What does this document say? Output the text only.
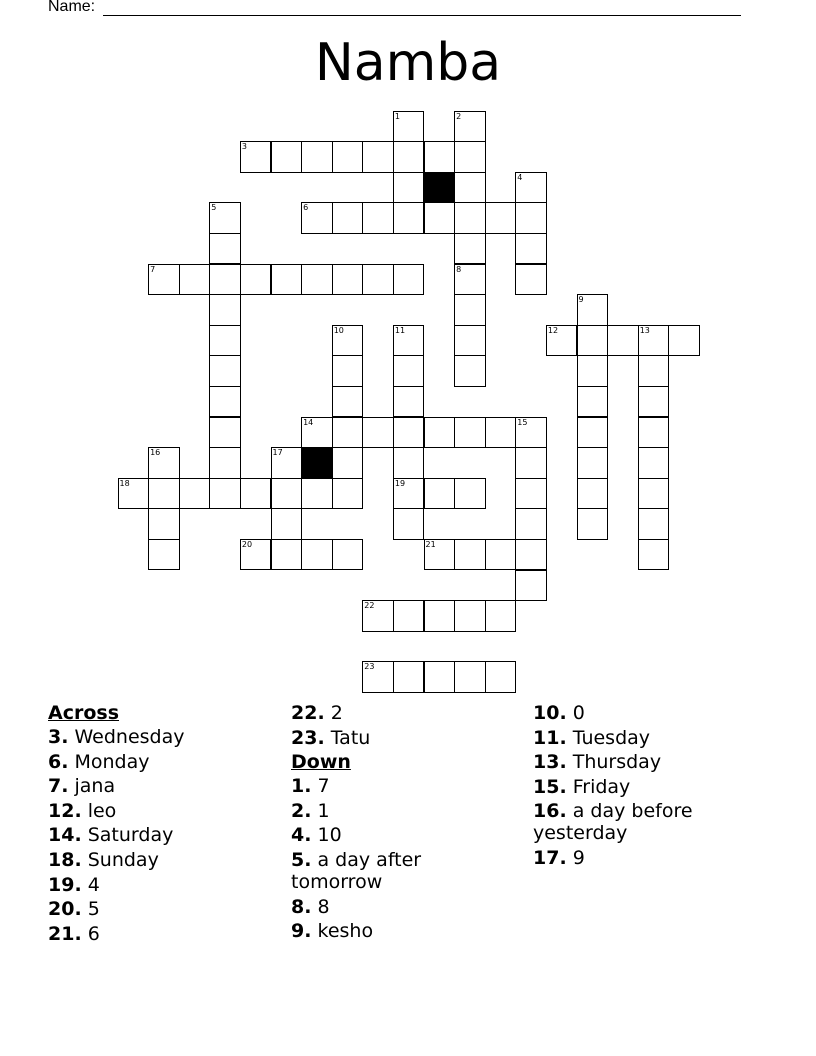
Name:
Namba
1	2
3
4
5	6
7	8
9
10	11	12	13
14	15
16	17
18	19
20	21
22
23
Across
3. Wednesday
6. Monday
7. jana
12. leo
14. Saturday
18. Sunday
19. 4
20. 5
21. 6
22. 2
23. Tatu
Down
1. 7
2. 1
4. 10
5. a day after tomorrow
8. 8
9. kesho
10. 0
11. Tuesday
13. Thursday
15. Friday
16. a day before yesterday
17. 9
